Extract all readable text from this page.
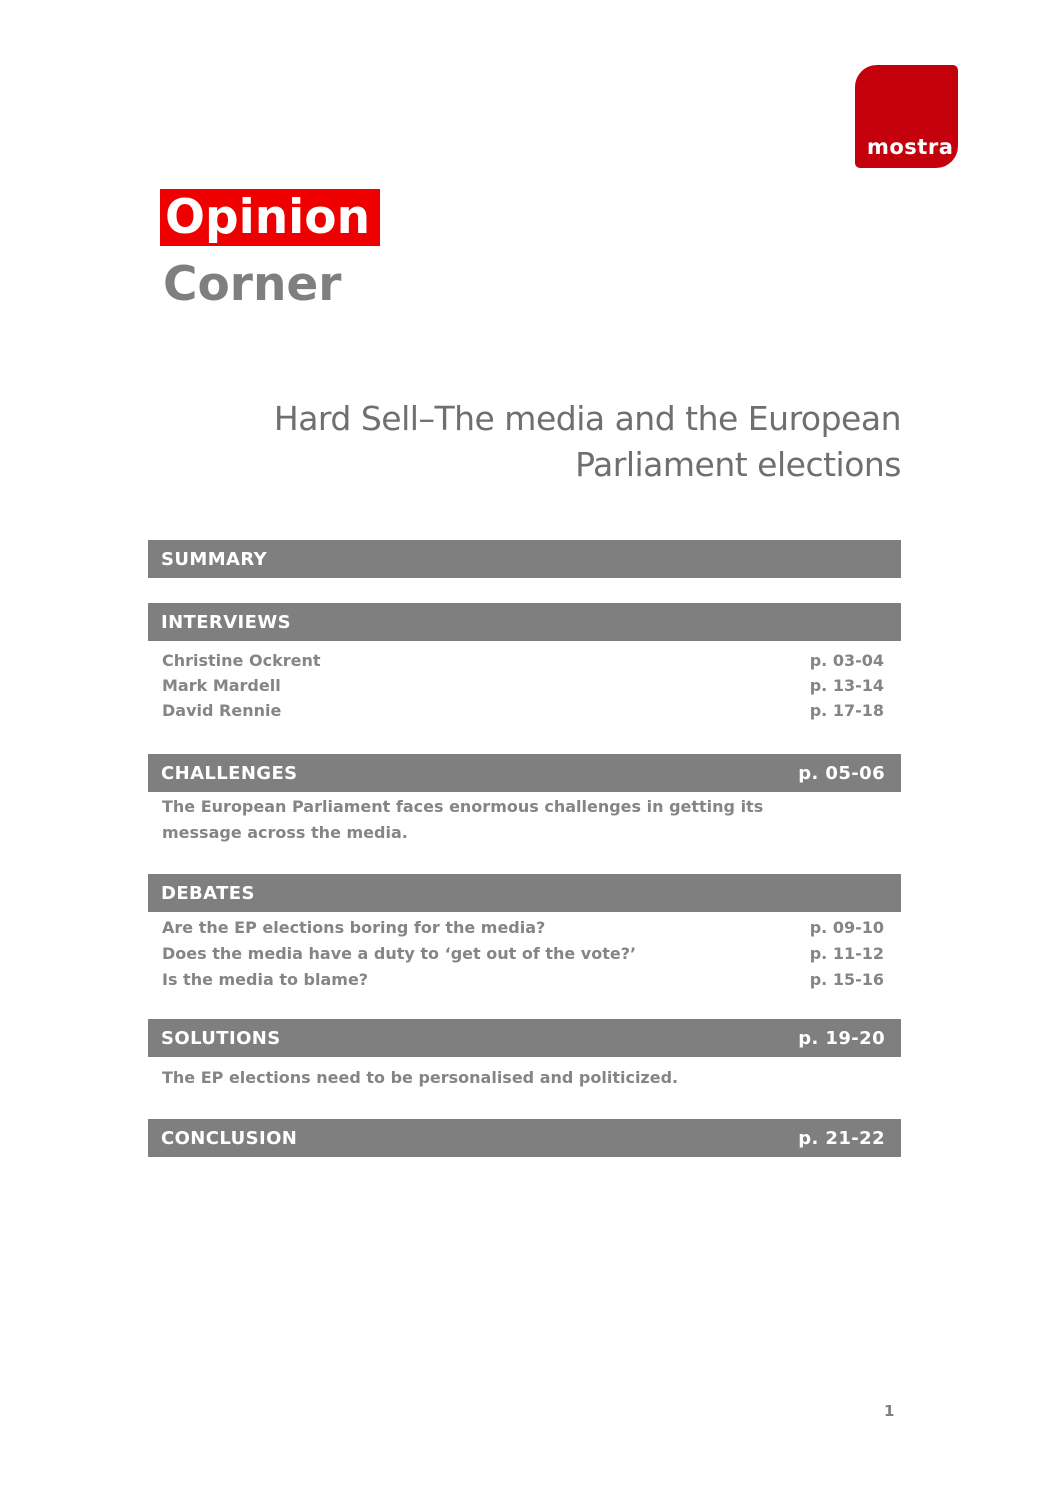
mostra
Opinion
Corner
Hard Sell–The media and the European
Parliament elections
SUMMARY
INTERVIEWS
Christine Ockrent	p. 03-04
Mark Mardell	p. 13-14
David Rennie	p. 17-18
CHALLENGES	p. 05-06
The European Parliament faces enormous challenges in getting its message across the media.
DEBATES
Are the EP elections boring for the media?	p. 09-10
Does the media have a duty to ‘get out of the vote?’	p. 11-12
Is the media to blame?	p. 15-16
SOLUTIONS	p. 19-20
The EP elections need to be personalised and politicized.
CONCLUSION	p. 21-22
1
